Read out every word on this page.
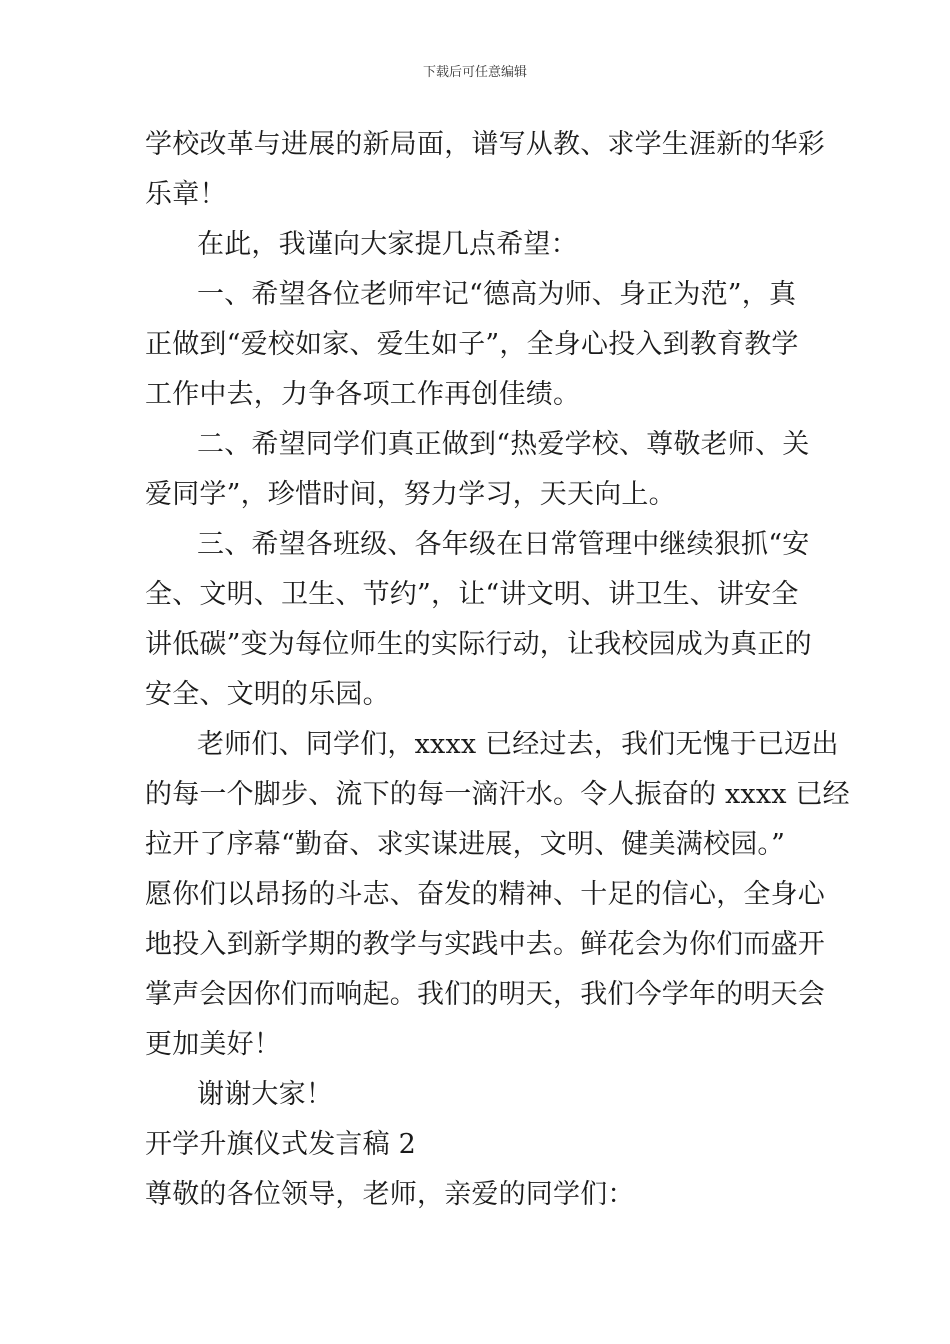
下载后可任意编辑
学校改革与进展的新局面，谱写从教、求学生涯新的华彩
乐章！
在此，我谨向大家提几点希望：
一、希望各位老师牢记“德高为师、身正为范”，真
正做到“爱校如家、爱生如子”，全身心投入到教育教学
工作中去，力争各项工作再创佳绩。
二、希望同学们真正做到“热爱学校、尊敬老师、关
爱同学”，珍惜时间，努力学习，天天向上。
三、希望各班级、各年级在日常管理中继续狠抓“安
全、文明、卫生、节约”，让“讲文明、讲卫生、讲安全
讲低碳”变为每位师生的实际行动，让我校园成为真正的
安全、文明的乐园。
老师们、同学们，xxxx 已经过去，我们无愧于已迈出
的每一个脚步、流下的每一滴汗水。令人振奋的 xxxx 已经
拉开了序幕“勤奋、求实谋进展，文明、健美满校园。”
愿你们以昂扬的斗志、奋发的精神、十足的信心，全身心
地投入到新学期的教学与实践中去。鲜花会为你们而盛开
掌声会因你们而响起。我们的明天，我们今学年的明天会
更加美好！
谢谢大家！
开学升旗仪式发言稿 2
尊敬的各位领导，老师，亲爱的同学们：
